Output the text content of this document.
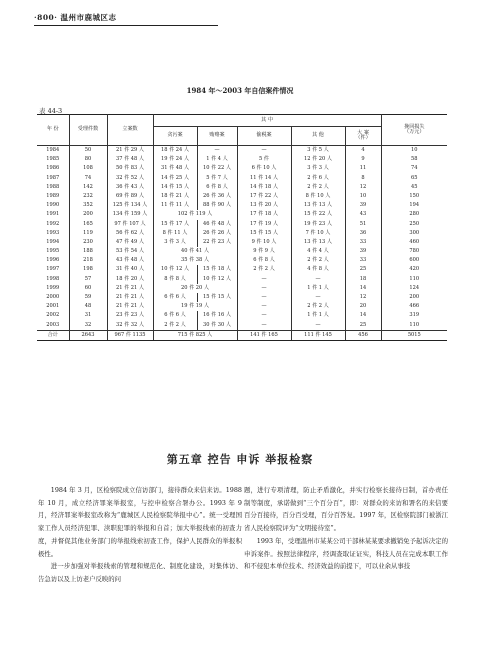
·800· 温州市鹿城区志
1984 年～2003 年自信案件情况
表 44-3
年 份	受理件数	立案数	其 中					挽回损失
（万元）
			贪污案	贿赂案	偷税案	其 他	大 案
（件）	
1984	50	21 件 29 人	18 件 24 人	—	—	3 件 5 人	4	10
1985	80	37 件 48 人	19 件 24 人	1 件 4 人	5 件	12 件 20 人	9	58
1986	108	50 件 83 人	31 件 48 人	10 件 22 人	6 件 10 人	3 件 3 人	11	74
1987	74	32 件 52 人	14 件 25 人	5 件 7 人	11 件 14 人	2 件 6 人	8	65
1988	142	36 件 43 人	14 件 15 人	6 件 8 人	14 件 18 人	2 件 2 人	12	45
1989	232	69 件 89 人	18 件 21 人	26 件 36 人	17 件 22 人	8 件 10 人	10	150
1990	352	125 件 134 人	11 件 11 人	88 件 90 人	13 件 20 人	13 件 13 人	39	194
1991	200	134 件 159 人	102 件 119 人		17 件 18 人	15 件 22 人	43	280
1992	165	97 件 107 人	15 件 17 人	46 件 48 人	17 件 19 人	19 件 23 人	51	250
1993	119	56 件 62 人	8 件 11 人	26 件 26 人	15 件 15 人	7 件 10 人	36	300
1994	230	47 件 49 人	3 件 3 人	22 件 23 人	9 件 10 人	13 件 13 人	33	460
1995	188	53 件 54 人	40 件 41 人		9 件 9 人	4 件 4 人	39	780
1996	218	43 件 48 人	35 件 38 人		6 件 8 人	2 件 2 人	33	600
1997	198	31 件 40 人	10 件 12 人	15 件 18 人	2 件 2 人	4 件 8 人	25	420
1998	57	18 件 20 人	8 件 8 人	10 件 12 人	—	—	18	110
1999	60	21 件 21 人	20 件 20 人		—	1 件 1 人	14	124
2000	59	21 件 21 人	6 件 6 人	15 件 15 人	—	—	12	200
2001	48	21 件 21 人	19 件 19 人		—	2 件 2 人	20	466
2002	31	23 件 23 人	6 件 6 人	16 件 16 人	—	1 件 1 人	14	319
2003	32	32 件 32 人	2 件 2 人	30 件 30 人	—	—	25	110
合计	2643	967 件 1135	715 件 825 人		141 件 165	111 件 145	456	5015
第五章 控告 申诉 举报检察

1984 年 3 月，区检察院成立信访部门，接待群众来信来访。1988 年 10 月，成立经济罪案举报室，与控申检察合署办公。1993 年 9 月，经济罪案举报室改称为“鹿城区人民检察院举报中心”。统一受理国家工作人员经济犯罪、渎职犯罪的举报和自首；加大举报线索的初查力度，并督促其他业务部门的举报线索初查工作，保护人民群众的举报积极性。

进一步加强对举报线索的管理和规范化、制度化建设，对集体访、告急访以及上访老户反映的问

题，进行专项清理，防止矛盾激化，并实行检察长接待日制，首办责任制等制度，承诺做到“三个百分百”，即：对群众的来访和署名的来信要百分百接待，百分百受理，百分百答复。1997 年，区检察院部门被浙江省人民检察院评为“文明接待室”。

1993 年，受理温州市某某公司干部林某某要求撤销免予起诉决定的申诉案件。按照法律程序，经调查取证证实，科技人员在完成本职工作和不侵犯本单位技术、经济效益的前提下，可以业余从事技
